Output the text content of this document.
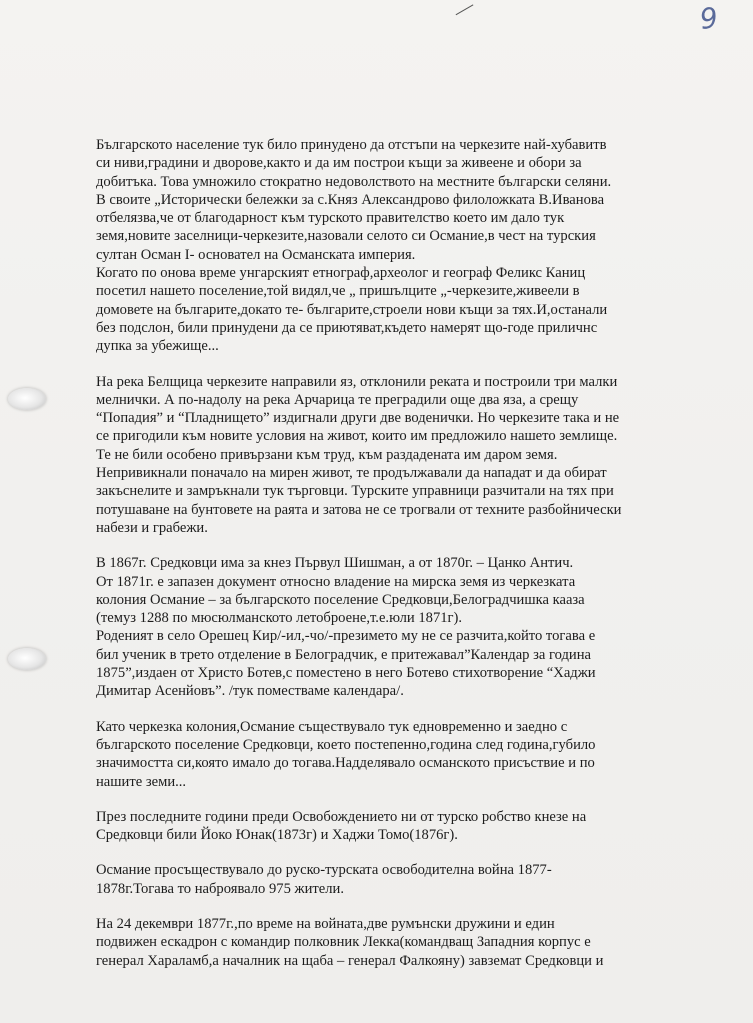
9

Българското население тук било принудено да отстъпи на черкезите най-хубавитв
си ниви,градини и дворове,както и да им построи къщи за живеене и обори за
добитъка. Това умножило стократно недоволството на местните български селяни.
В своите „Исторически бележки за с.Княз Александрово филоложката В.Иванова
отбелязва,че от благодарност към турското правителство което им дало тук
земя,новите заселници-черкезите,назовали селото си Османие,в чест на турския
султан Осман I- основател на Османската империя.
Когато по онова време унгарският етнограф,археолог и географ Феликс Каниц
посетил нашето поселение,той видял,че „ пришълците „-черкезите,живеели в
домовете на българите,докато те- българите,строели нови къщи за тях.И,останали
без подслон, били принудени да се приютяват,където намерят що-годе приличнс
дупка за убежище...

На река Белщица черкезите направили яз, отклонили реката и построили три малки
мелнички. А по-надолу на река Арчарица те преградили още два яза, а срещу
“Попадия” и “Пладнището” издигнали други две воденички. Но черкезите така и не
се пригодили към новите условия на живот, които им предложило нашето землище.
Те не били особено привързани към труд, към раздадената им даром земя.
Непривикнали поначало на мирен живот, те продължавали да нападат и да обират
закъснелите и замръкнали тук търговци. Турските управници разчитали на тях при
потушаване на бунтовете на раята и затова не се трогвали от техните разбойнически
набези и грабежи.

В 1867г. Средковци има за кнез Първул Шишман, а от 1870г. – Цанко Антич.
От 1871г. е запазен документ относно владение на мирска земя из черкезката
колония Османие – за българското поселение Средковци,Белоградчишка кааза
(темуз 1288 по мюсюлманското летоброене,т.е.юли 1871г).
Роденият в село Орешец Кир/-ил,-чо/-презимето му не се разчита,който тогава е
бил ученик в трето отделение в Белоградчик, е притежавал”Календар за година
1875”,издаен от Христо Ботев,с поместено в него Ботево стихотворение “Хаджи
Димитар Асенйовъ”. /тук поместваме календара/.

Като черкезка колония,Османие съществувало тук едновременно и заедно с
българското поселение Средковци, което постепенно,година след година,губило
значимостта си,която имало до тогава.Надделявало османското присъствие и по
нашите земи...

През последните години преди Освобождението ни от турско робство кнезе на
Средковци били Йоко Юнак(1873г) и Хаджи Томо(1876г).

Османие просъществувало до руско-турската освободителна война 1877-
1878г.Тогава то наброявало 975 жители.

На 24 декември 1877г.,по време на войната,две румънски дружини и един
подвижен ескадрон с командир полковник Лекка(командващ Западния корпус е
генерал Хараламб,а началник на щаба – генерал Фалкояну) завземат Средковци и
